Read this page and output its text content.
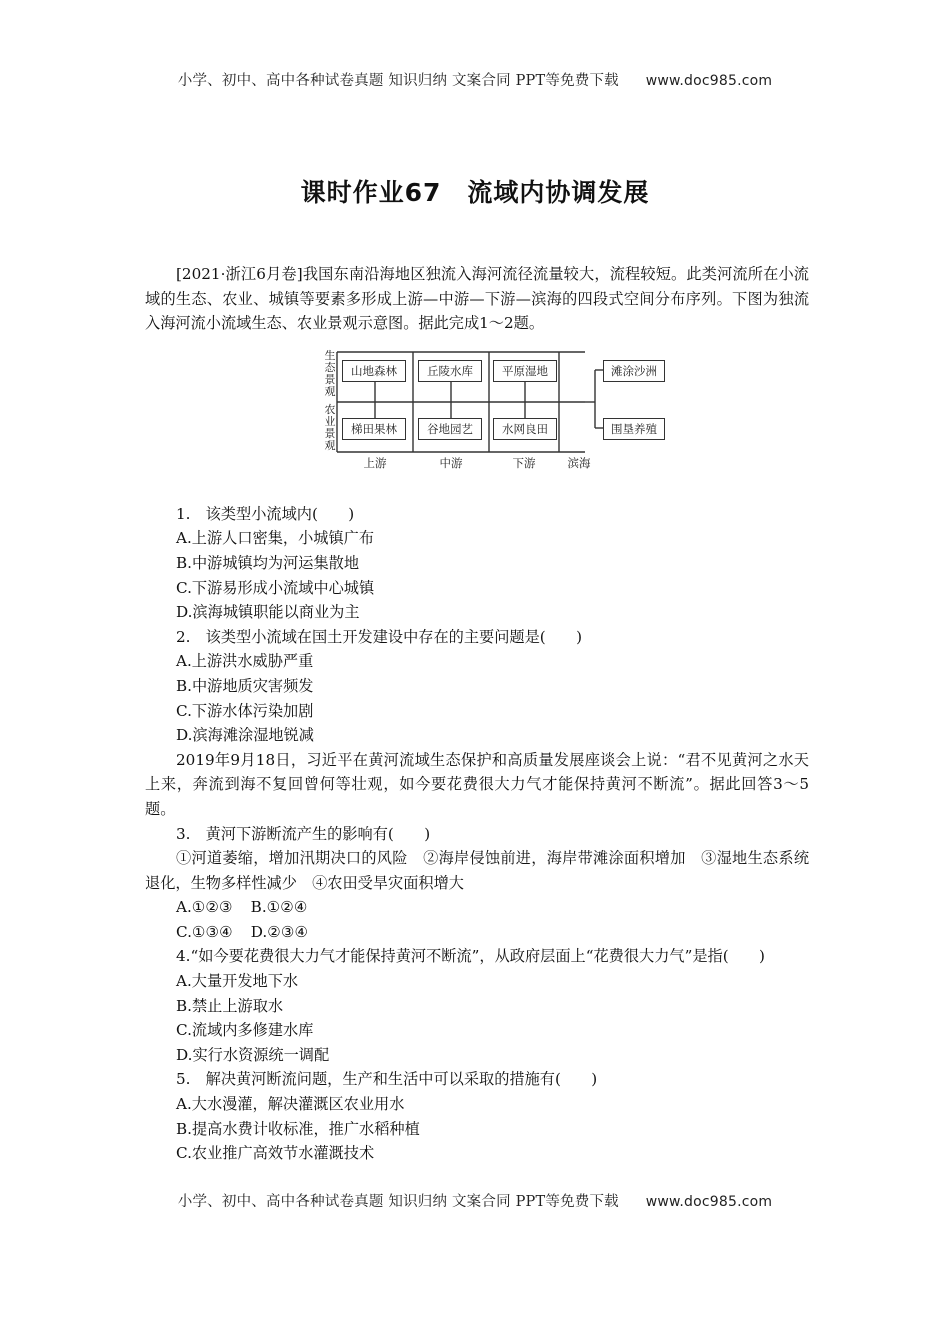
小学、初中、高中各种试卷真题 知识归纳 文案合同 PPT等免费下载 www.doc985.com
课时作业67　流域内协调发展

[2021·浙江6月卷]我国东南沿海地区独流入海河流径流量较大，流程较短。此类河流所在小流域的生态、农业、城镇等要素多形成上游—中游—下游—滨海的四段式空间分布序列。下图为独流入海河流小流域生态、农业景观示意图。据此完成1～2题。

生态景观
农业景观
山地森林	丘陵水库	平原湿地
梯田果林	谷地园艺	水网良田
滩涂沙洲
围垦养殖
上游	中游	下游	滨海

1.　该类型小流域内(　　)

A.上游人口密集，小城镇广布

B.中游城镇均为河运集散地

C.下游易形成小流域中心城镇

D.滨海城镇职能以商业为主

2.　该类型小流域在国土开发建设中存在的主要问题是(　　)

A.上游洪水威胁严重

B.中游地质灾害频发

C.下游水体污染加剧

D.滨海滩涂湿地锐减

2019年9月18日，习近平在黄河流域生态保护和高质量发展座谈会上说：“君不见黄河之水天上来，奔流到海不复回曾何等壮观，如今要花费很大力气才能保持黄河不断流”。据此回答3～5题。

3.　黄河下游断流产生的影响有(　　)

①河道萎缩，增加汛期决口的风险　②海岸侵蚀前进，海岸带滩涂面积增加　③湿地生态系统退化，生物多样性减少　④农田受旱灾面积增大

A.①②③ B.①②④

C.①③④ D.②③④

4.“如今要花费很大力气才能保持黄河不断流”，从政府层面上“花费很大力气”是指(　　)

A.大量开发地下水

B.禁止上游取水

C.流域内多修建水库

D.实行水资源统一调配

5.　解决黄河断流问题，生产和生活中可以采取的措施有(　　)

A.大水漫灌，解决灌溉区农业用水

B.提高水费计收标准，推广水稻种植

C.农业推广高效节水灌溉技术

小学、初中、高中各种试卷真题 知识归纳 文案合同 PPT等免费下载 www.doc985.com
